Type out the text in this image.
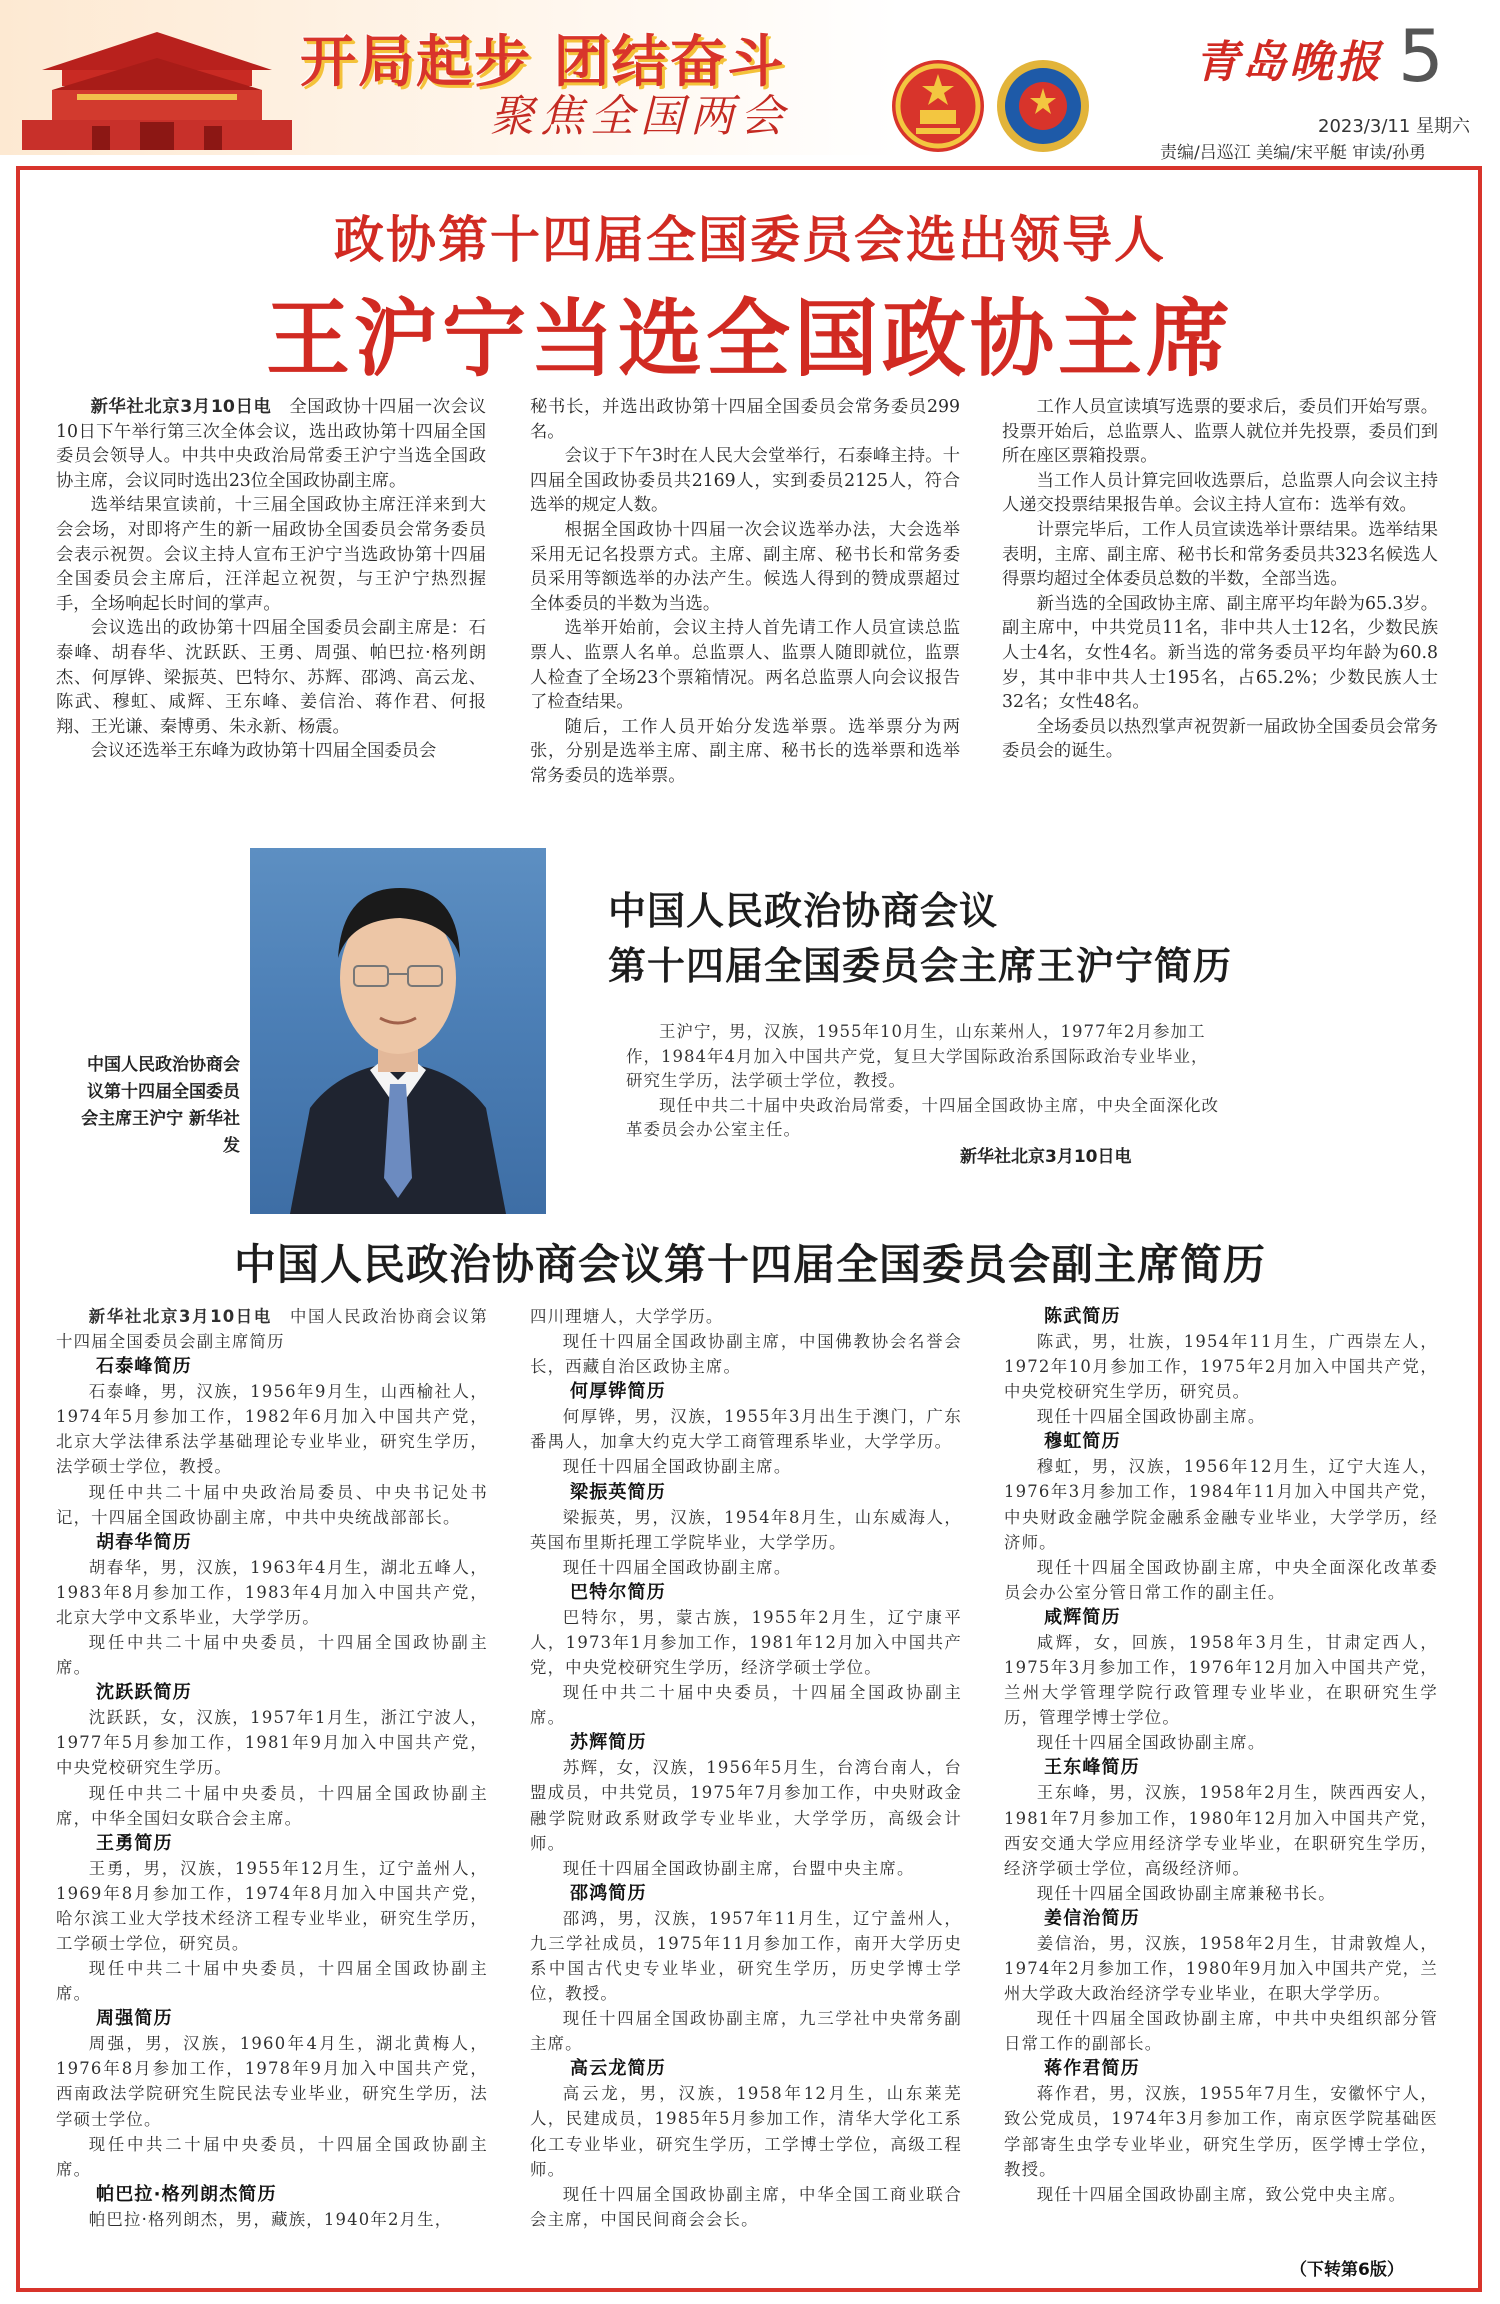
开局起步 团结奋斗
聚焦全国两会
青岛晚报 5
2023/3/11 星期六
责编/吕巡江 美编/宋平艇 审读/孙勇
政协第十四届全国委员会选出领导人
王沪宁当选全国政协主席

新华社北京3月10日电　 全国政协十四届一次会议10日下午举行第三次全体会议，选出政协第十四届全国委员会领导人。中共中央政治局常委王沪宁当选全国政协主席，会议同时选出23位全国政协副主席。

选举结果宣读前，十三届全国政协主席汪洋来到大会会场，对即将产生的新一届政协全国委员会常务委员会表示祝贺。会议主持人宣布王沪宁当选政协第十四届全国委员会主席后，汪洋起立祝贺，与王沪宁热烈握手，全场响起长时间的掌声。

会议选出的政协第十四届全国委员会副主席是：石泰峰、胡春华、沈跃跃、王勇、周强、帕巴拉·格列朗杰、何厚铧、梁振英、巴特尔、苏辉、邵鸿、高云龙、陈武、穆虹、咸辉、王东峰、姜信治、蒋作君、何报翔、王光谦、秦博勇、朱永新、杨震。

会议还选举王东峰为政协第十四届全国委员会

秘书长，并选出政协第十四届全国委员会常务委员299名。

会议于下午3时在人民大会堂举行，石泰峰主持。十四届全国政协委员共2169人，实到委员2125人，符合选举的规定人数。

根据全国政协十四届一次会议选举办法，大会选举采用无记名投票方式。主席、副主席、秘书长和常务委员采用等额选举的办法产生。候选人得到的赞成票超过全体委员的半数为当选。

选举开始前，会议主持人首先请工作人员宣读总监票人、监票人名单。总监票人、监票人随即就位，监票人检查了全场23个票箱情况。两名总监票人向会议报告了检查结果。

随后，工作人员开始分发选举票。选举票分为两张，分别是选举主席、副主席、秘书长的选举票和选举常务委员的选举票。

工作人员宣读填写选票的要求后，委员们开始写票。投票开始后，总监票人、监票人就位并先投票，委员们到所在座区票箱投票。

当工作人员计算完回收选票后，总监票人向会议主持人递交投票结果报告单。会议主持人宣布：选举有效。

计票完毕后，工作人员宣读选举计票结果。选举结果表明，主席、副主席、秘书长和常务委员共323名候选人得票均超过全体委员总数的半数，全部当选。

新当选的全国政协主席、副主席平均年龄为65.3岁。副主席中，中共党员11名，非中共人士12名，少数民族人士4名，女性4名。新当选的常务委员平均年龄为60.8岁，其中非中共人士195名，占65.2%；少数民族人士32名；女性48名。

全场委员以热烈掌声祝贺新一届政协全国委员会常务委员会的诞生。

中国人民政治协商会议第十四届全国委员会主席王沪宁 新华社发
中国人民政治协商会议
第十四届全国委员会主席王沪宁简历

王沪宁，男，汉族，1955年10月生，山东莱州人，1977年2月参加工作，1984年4月加入中国共产党，复旦大学国际政治系国际政治专业毕业，研究生学历，法学硕士学位，教授。

现任中共二十届中央政治局常委，十四届全国政协主席，中央全面深化改革委员会办公室主任。

新华社北京3月10日电
中国人民政治协商会议第十四届全国委员会副主席简历

新华社北京3月10日电　 中国人民政治协商会议第十四届全国委员会副主席简历

石泰峰简历

石泰峰，男，汉族，1956年9月生，山西榆社人，1974年5月参加工作，1982年6月加入中国共产党，北京大学法律系法学基础理论专业毕业，研究生学历，法学硕士学位，教授。

现任中共二十届中央政治局委员、中央书记处书记，十四届全国政协副主席，中共中央统战部部长。

胡春华简历

胡春华，男，汉族，1963年4月生，湖北五峰人，1983年8月参加工作，1983年4月加入中国共产党，北京大学中文系毕业，大学学历。

现任中共二十届中央委员，十四届全国政协副主席。

沈跃跃简历

沈跃跃，女，汉族，1957年1月生，浙江宁波人，1977年5月参加工作，1981年9月加入中国共产党，中央党校研究生学历。

现任中共二十届中央委员，十四届全国政协副主席，中华全国妇女联合会主席。

王勇简历

王勇，男，汉族，1955年12月生，辽宁盖州人，1969年8月参加工作，1974年8月加入中国共产党，哈尔滨工业大学技术经济工程专业毕业，研究生学历，工学硕士学位，研究员。

现任中共二十届中央委员，十四届全国政协副主席。

周强简历

周强，男，汉族，1960年4月生，湖北黄梅人，1976年8月参加工作，1978年9月加入中国共产党，西南政法学院研究生院民法专业毕业，研究生学历，法学硕士学位。

现任中共二十届中央委员，十四届全国政协副主席。

帕巴拉·格列朗杰简历

帕巴拉·格列朗杰，男，藏族，1940年2月生，

四川理塘人，大学学历。

现任十四届全国政协副主席，中国佛教协会名誉会长，西藏自治区政协主席。

何厚铧简历

何厚铧，男，汉族，1955年3月出生于澳门，广东番禺人，加拿大约克大学工商管理系毕业，大学学历。

现任十四届全国政协副主席。

梁振英简历

梁振英，男，汉族，1954年8月生，山东威海人，英国布里斯托理工学院毕业，大学学历。

现任十四届全国政协副主席。

巴特尔简历

巴特尔，男，蒙古族，1955年2月生，辽宁康平人，1973年1月参加工作，1981年12月加入中国共产党，中央党校研究生学历，经济学硕士学位。

现任中共二十届中央委员，十四届全国政协副主席。

苏辉简历

苏辉，女，汉族，1956年5月生，台湾台南人，台盟成员，中共党员，1975年7月参加工作，中央财政金融学院财政系财政学专业毕业，大学学历，高级会计师。

现任十四届全国政协副主席，台盟中央主席。

邵鸿简历

邵鸿，男，汉族，1957年11月生，辽宁盖州人，九三学社成员，1975年11月参加工作，南开大学历史系中国古代史专业毕业，研究生学历，历史学博士学位，教授。

现任十四届全国政协副主席，九三学社中央常务副主席。

高云龙简历

高云龙，男，汉族，1958年12月生，山东莱芜人，民建成员，1985年5月参加工作，清华大学化工系化工专业毕业，研究生学历，工学博士学位，高级工程师。

现任十四届全国政协副主席，中华全国工商业联合会主席，中国民间商会会长。

陈武简历

陈武，男，壮族，1954年11月生，广西崇左人，1972年10月参加工作，1975年2月加入中国共产党，中央党校研究生学历，研究员。

现任十四届全国政协副主席。

穆虹简历

穆虹，男，汉族，1956年12月生，辽宁大连人，1976年3月参加工作，1984年11月加入中国共产党，中央财政金融学院金融系金融专业毕业，大学学历，经济师。

现任十四届全国政协副主席，中央全面深化改革委员会办公室分管日常工作的副主任。

咸辉简历

咸辉，女，回族，1958年3月生，甘肃定西人，1975年3月参加工作，1976年12月加入中国共产党，兰州大学管理学院行政管理专业毕业，在职研究生学历，管理学博士学位。

现任十四届全国政协副主席。

王东峰简历

王东峰，男，汉族，1958年2月生，陕西西安人，1981年7月参加工作，1980年12月加入中国共产党，西安交通大学应用经济学专业毕业，在职研究生学历，经济学硕士学位，高级经济师。

现任十四届全国政协副主席兼秘书长。

姜信治简历

姜信治，男，汉族，1958年2月生，甘肃敦煌人，1974年2月参加工作，1980年9月加入中国共产党，兰州大学政大政治经济学专业毕业，在职大学学历。

现任十四届全国政协副主席，中共中央组织部分管日常工作的副部长。

蒋作君简历

蒋作君，男，汉族，1955年7月生，安徽怀宁人，致公党成员，1974年3月参加工作，南京医学院基础医学部寄生虫学专业毕业，研究生学历，医学博士学位，教授。

现任十四届全国政协副主席，致公党中央主席。

（下转第6版）
